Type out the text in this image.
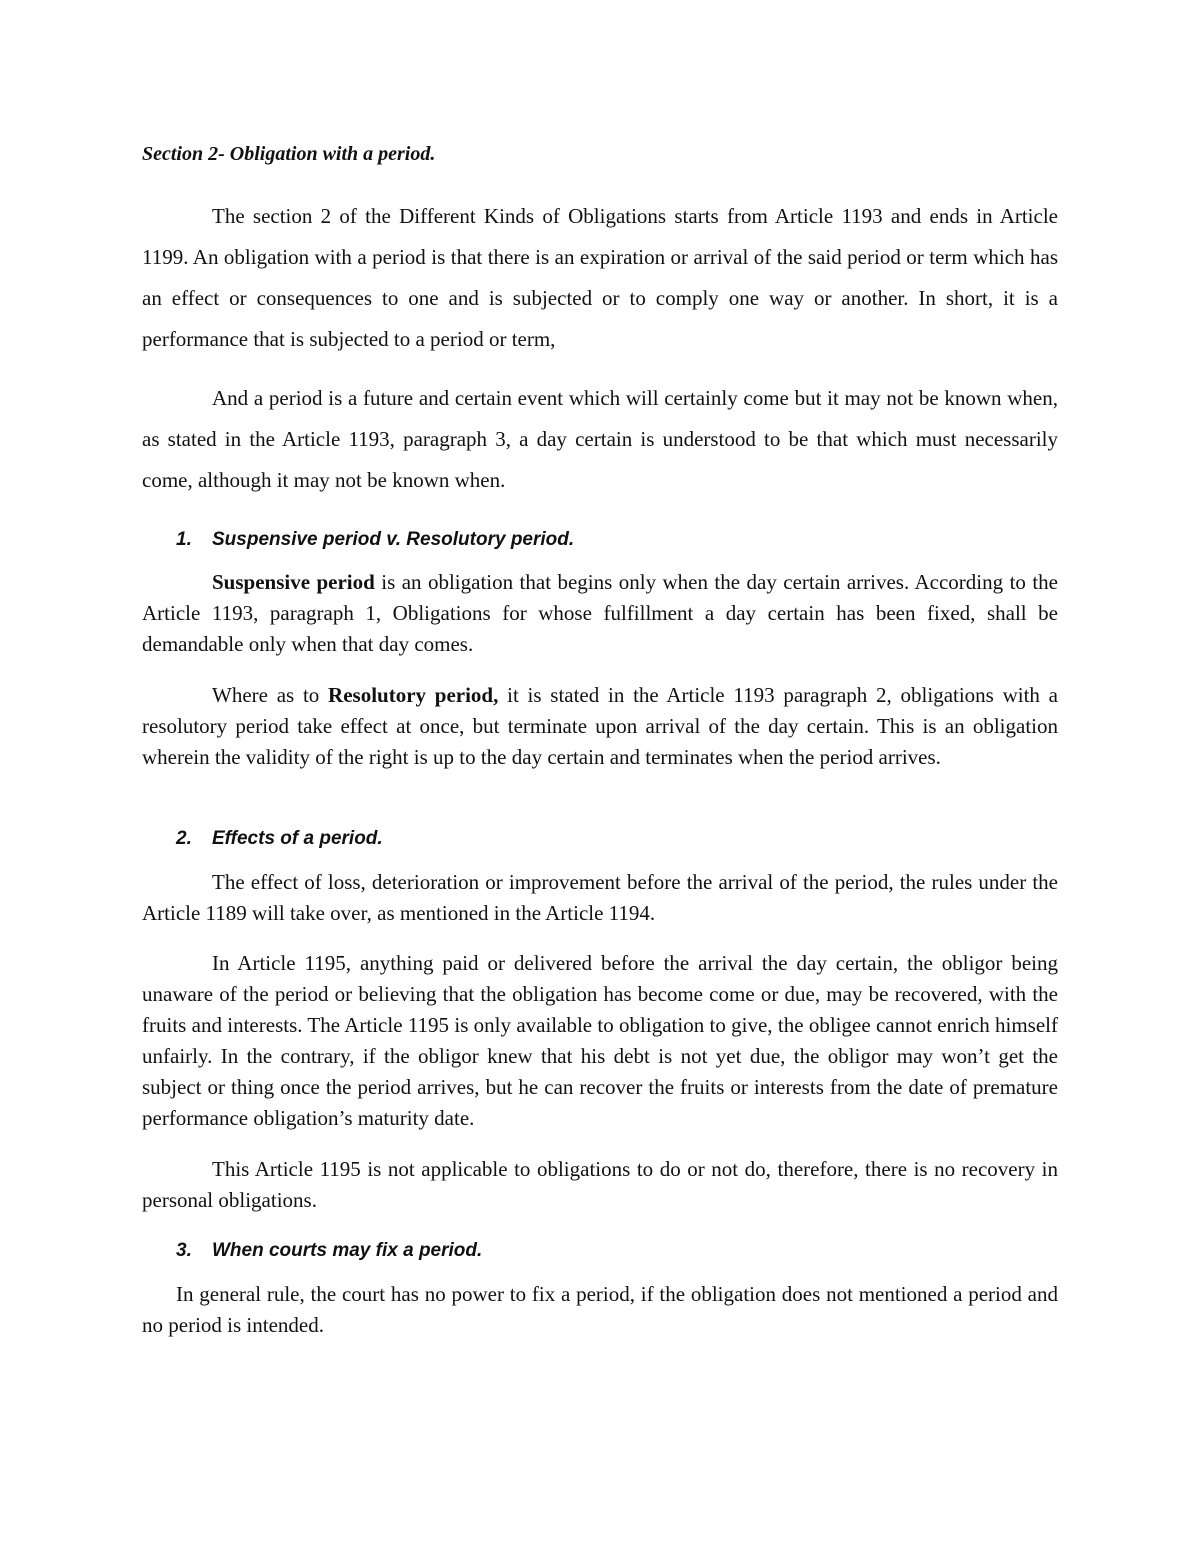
Section 2- Obligation with a period.

The section 2 of the Different Kinds of Obligations starts from Article 1193 and ends in Article 1199. An obligation with a period is that there is an expiration or arrival of the said period or term which has an effect or consequences to one and is subjected or to comply one way or another. In short, it is a performance that is subjected to a period or term,

And a period is a future and certain event which will certainly come but it may not be known when, as stated in the Article 1193, paragraph 3, a day certain is understood to be that which must necessarily come, although it may not be known when.

1. Suspensive period v. Resolutory period.

Suspensive period is an obligation that begins only when the day certain arrives. According to the Article 1193, paragraph 1, Obligations for whose fulfillment a day certain has been fixed, shall be demandable only when that day comes.

Where as to Resolutory period, it is stated in the Article 1193 paragraph 2, obligations with a resolutory period take effect at once, but terminate upon arrival of the day certain. This is an obligation wherein the validity of the right is up to the day certain and terminates when the period arrives.

2. Effects of a period.

The effect of loss, deterioration or improvement before the arrival of the period, the rules under the Article 1189 will take over, as mentioned in the Article 1194.

In Article 1195, anything paid or delivered before the arrival the day certain, the obligor being unaware of the period or believing that the obligation has become come or due, may be recovered, with the fruits and interests. The Article 1195 is only available to obligation to give, the obligee cannot enrich himself unfairly. In the contrary, if the obligor knew that his debt is not yet due, the obligor may won’t get the subject or thing once the period arrives, but he can recover the fruits or interests from the date of premature performance obligation’s maturity date.

This Article 1195 is not applicable to obligations to do or not do, therefore, there is no recovery in personal obligations.

3. When courts may fix a period.

In general rule, the court has no power to fix a period, if the obligation does not mentioned a period and no period is intended.
